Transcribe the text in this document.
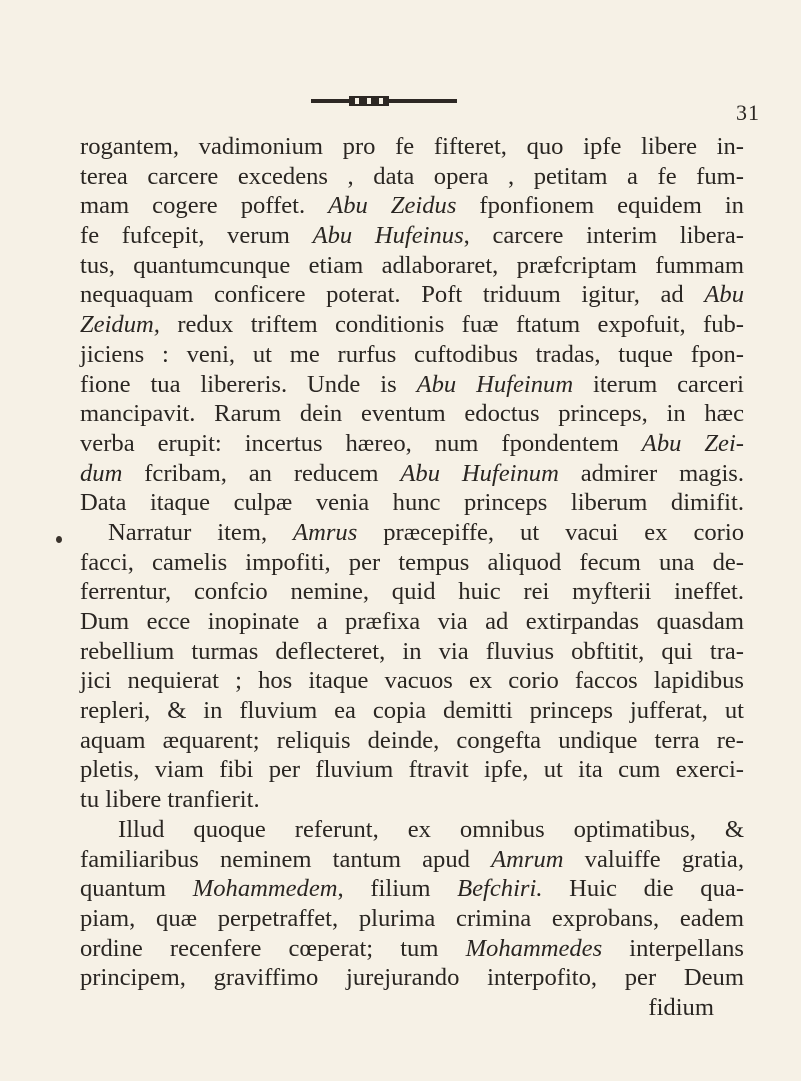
31
rogantem, vadimonium pro fe fifteret, quo ipfe libere in-
terea carcere excedens , data opera , petitam a fe fum-
mam cogere poffet. Abu Zeidus fponfionem equidem in
fe fufcepit, verum Abu Hufeinus, carcere interim libera-
tus, quantumcunque etiam adlaboraret, præfcriptam fummam
nequaquam conficere poterat. Poft triduum igitur, ad Abu
Zeidum, redux triftem conditionis fuæ ftatum expofuit, fub-
jiciens : veni, ut me rurfus cuftodibus tradas, tuque fpon-
fione tua libereris. Unde is Abu Hufeinum iterum carceri
mancipavit. Rarum dein eventum edoctus princeps, in hæc
verba erupit: incertus hæreo, num fpondentem Abu Zei-
dum fcribam, an reducem Abu Hufeinum admirer magis.
Data itaque culpæ venia hunc princeps liberum dimifit.
Narratur item, Amrus præcepiffe, ut vacui ex corio
facci, camelis impofiti, per tempus aliquod fecum una de-
ferrentur, confcio nemine, quid huic rei myfterii ineffet.
Dum ecce inopinate a præfixa via ad extirpandas quasdam
rebellium turmas deflecteret, in via fluvius obftitit, qui tra-
jici nequierat ; hos itaque vacuos ex corio faccos lapidibus
repleri, & in fluvium ea copia demitti princeps jufferat, ut
aquam æquarent; reliquis deinde, congefta undique terra re-
pletis, viam fibi per fluvium ftravit ipfe, ut ita cum exerci-
tu libere tranfierit.
Illud quoque referunt, ex omnibus optimatibus, &
familiaribus neminem tantum apud Amrum valuiffe gratia,
quantum Mohammedem, filium Befchiri. Huic die qua-
piam, quæ perpetraffet, plurima crimina exprobans, eadem
ordine recenfere cœperat; tum Mohammedes interpellans
principem, graviffimo jurejurando interpofito, per Deum
fidium
